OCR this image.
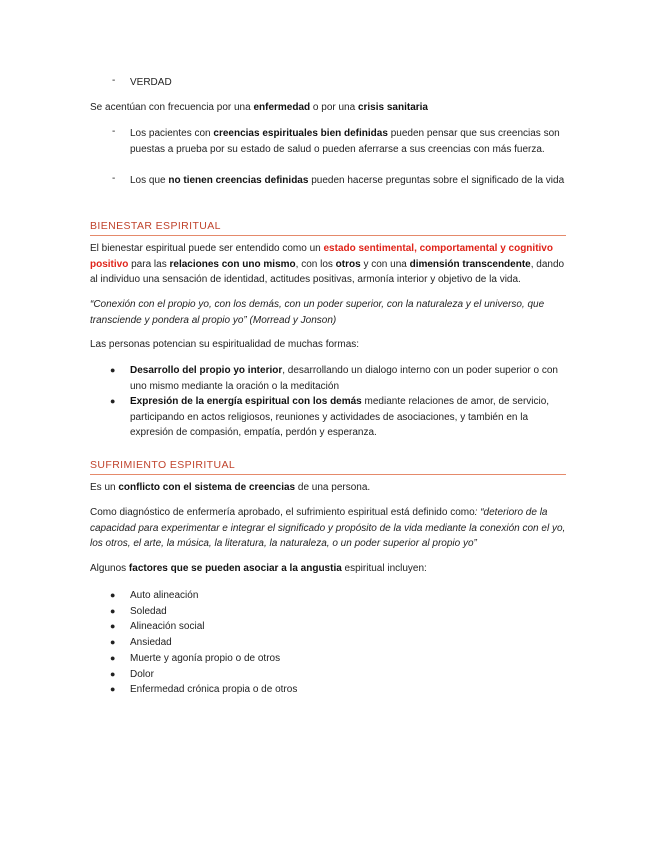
- VERDAD

Se acentúan con frecuencia por una enfermedad o por una crisis sanitaria

- Los pacientes con creencias espirituales bien definidas pueden pensar que sus creencias son puestas a prueba por su estado de salud o pueden aferrarse a sus creencias con más fuerza.

- Los que no tienen creencias definidas pueden hacerse preguntas sobre el significado de la vida

BIENESTAR ESPIRITUAL

El bienestar espiritual puede ser entendido como un estado sentimental, comportamental y cognitivo positivo para las relaciones con uno mismo, con los otros y con una dimensión transcendente, dando al individuo una sensación de identidad, actitudes positivas, armonía interior y objetivo de la vida.

“Conexión con el propio yo, con los demás, con un poder superior, con la naturaleza y el universo, que transciende y pondera al propio yo” (Morread y Jonson)

Las personas potencian su espiritualidad de muchas formas:

● Desarrollo del propio yo interior, desarrollando un dialogo interno con un poder superior o con uno mismo mediante la oración o la meditación

● Expresión de la energía espiritual con los demás mediante relaciones de amor, de servicio, participando en actos religiosos, reuniones y actividades de asociaciones, y también en la expresión de compasión, empatía, perdón y esperanza.

SUFRIMIENTO ESPIRITUAL

Es un conflicto con el sistema de creencias de una persona.

Como diagnóstico de enfermería aprobado, el sufrimiento espiritual está definido como: “deterioro de la capacidad para experimentar e integrar el significado y propósito de la vida mediante la conexión con el yo, los otros, el arte, la música, la literatura, la naturaleza, o un poder superior al propio yo”

Algunos factores que se pueden asociar a la angustia espiritual incluyen:

● Auto alineación

● Soledad

● Alineación social

● Ansiedad

● Muerte y agonía propio o de otros

● Dolor

● Enfermedad crónica propia o de otros
